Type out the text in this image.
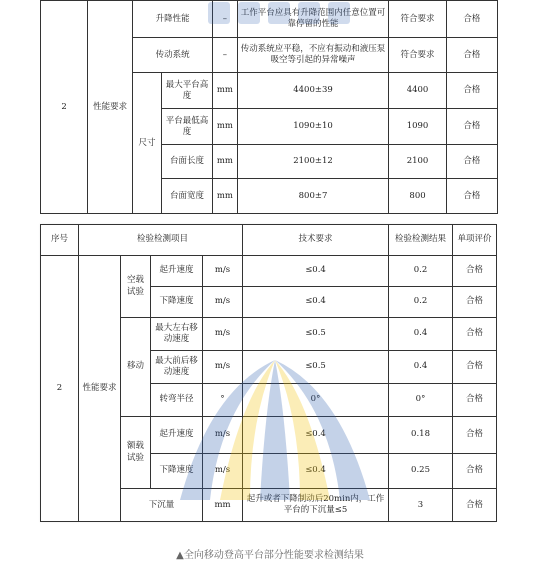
2	性能要求	升降性能		–	工作平台应具有升降范围内任意位置可靠停留的性能	符合要求	合格
		传动系统		–	传动系统应平稳，不应有振动和液压泵吸空等引起的异常噪声	符合要求	合格
		尺寸	最大平台高度	mm	4400±39	4400	合格
			平台最低高度	mm	1090±10	1090	合格
			台面长度	mm	2100±12	2100	合格
			台面宽度	mm	800±7	800	合格
序号	检验检测项目				技术要求	检验检测结果	单项评价
2	性能要求	空载试验	起升速度	m/s	≤0.4	0.2	合格
			下降速度	m/s	≤0.4	0.2	合格
		移动	最大左右移动速度	m/s	≤0.5	0.4	合格
			最大前后移动速度	m/s	≤0.5	0.4	合格
			转弯半径	°	0°	0°	合格
		额载试验	起升速度	m/s	≤0.4	0.18	合格
			下降速度	m/s	≤0.4	0.25	合格
		下沉量		mm	起升或者下降制动后20min内，工作平台的下沉量≤5	3	合格
▲全向移动登高平台部分性能要求检测结果
